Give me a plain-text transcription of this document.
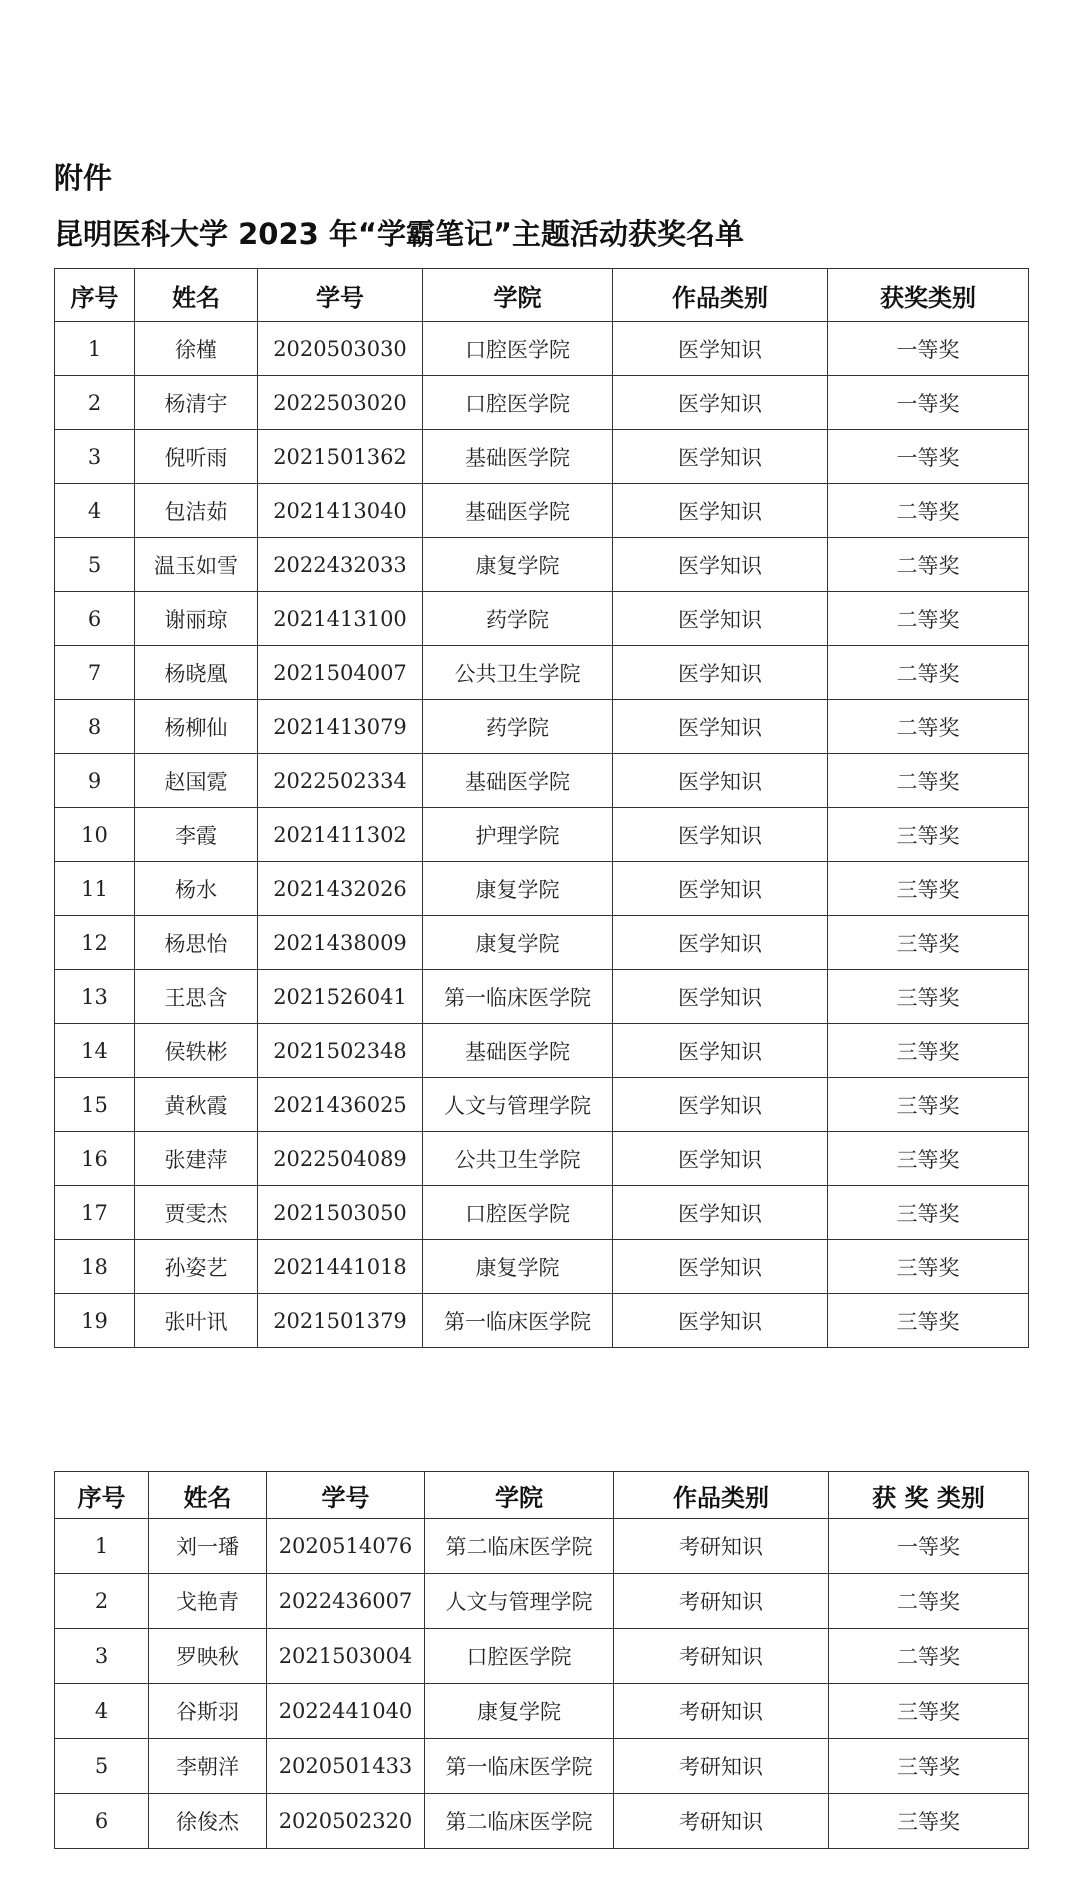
附件
昆明医科大学 2023 年“学霸笔记”主题活动获奖名单
序号	姓名	学号	学院	作品类别	获奖类别
1	徐槿	2020503030	口腔医学院	医学知识	一等奖
2	杨清宇	2022503020	口腔医学院	医学知识	一等奖
3	倪听雨	2021501362	基础医学院	医学知识	一等奖
4	包洁茹	2021413040	基础医学院	医学知识	二等奖
5	温玉如雪	2022432033	康复学院	医学知识	二等奖
6	谢丽琼	2021413100	药学院	医学知识	二等奖
7	杨晓凰	2021504007	公共卫生学院	医学知识	二等奖
8	杨柳仙	2021413079	药学院	医学知识	二等奖
9	赵国霓	2022502334	基础医学院	医学知识	二等奖
10	李霞	2021411302	护理学院	医学知识	三等奖
11	杨水	2021432026	康复学院	医学知识	三等奖
12	杨思怡	2021438009	康复学院	医学知识	三等奖
13	王思含	2021526041	第一临床医学院	医学知识	三等奖
14	侯轶彬	2021502348	基础医学院	医学知识	三等奖
15	黄秋霞	2021436025	人文与管理学院	医学知识	三等奖
16	张建萍	2022504089	公共卫生学院	医学知识	三等奖
17	贾雯杰	2021503050	口腔医学院	医学知识	三等奖
18	孙姿艺	2021441018	康复学院	医学知识	三等奖
19	张叶讯	2021501379	第一临床医学院	医学知识	三等奖
序号	姓名	学号	学院	作品类别	获 奖 类别
1	刘一璠	2020514076	第二临床医学院	考研知识	一等奖
2	戈艳青	2022436007	人文与管理学院	考研知识	二等奖
3	罗映秋	2021503004	口腔医学院	考研知识	二等奖
4	谷斯羽	2022441040	康复学院	考研知识	三等奖
5	李朝洋	2020501433	第一临床医学院	考研知识	三等奖
6	徐俊杰	2020502320	第二临床医学院	考研知识	三等奖
